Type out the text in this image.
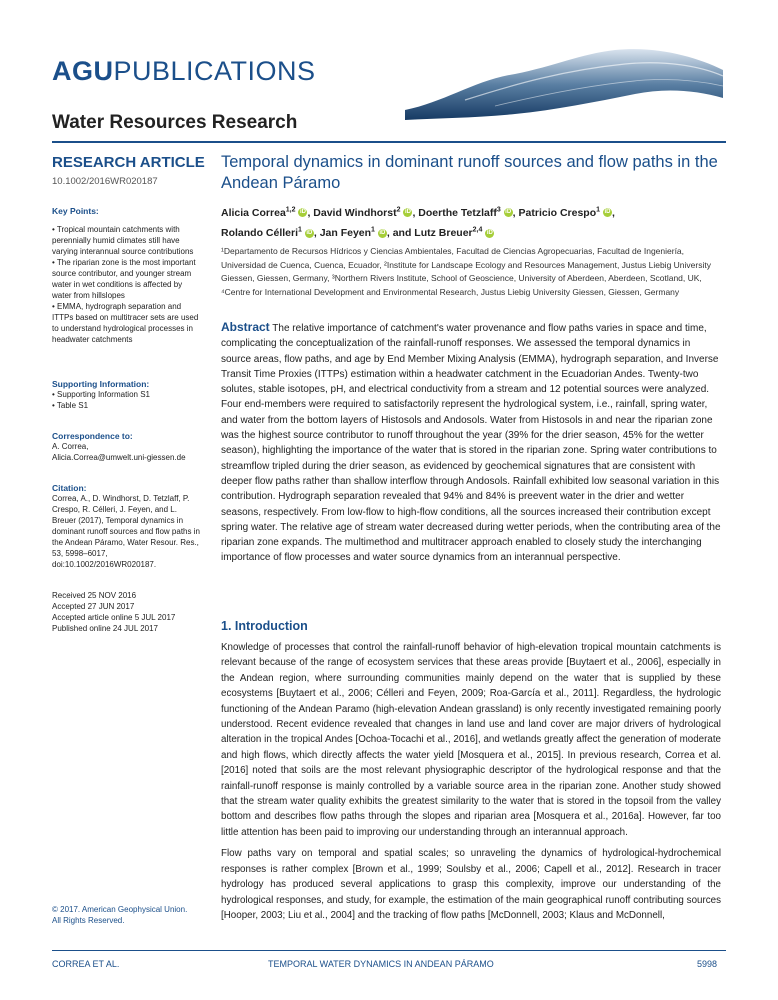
AGUPUBLICATIONS
Water Resources Research
RESEARCH ARTICLE
10.1002/2016WR020187
Key Points:
• Tropical mountain catchments with perennially humid climates still have varying interannual source contributions
• The riparian zone is the most important source contributor, and younger stream water in wet conditions is affected by water from hillslopes
• EMMA, hydrograph separation and ITTPs based on multitracer sets are used to understand hydrological processes in headwater catchments
Supporting Information:
• Supporting Information S1
• Table S1
Correspondence to:
A. Correa,
Alicia.Correa@umwelt.uni-giessen.de
Citation:
Correa, A., D. Windhorst, D. Tetzlaff, P. Crespo, R. Célleri, J. Feyen, and L. Breuer (2017), Temporal dynamics in dominant runoff sources and flow paths in the Andean Páramo, Water Resour. Res., 53, 5998–6017, doi:10.1002/2016WR020187.
Received 25 NOV 2016
Accepted 27 JUN 2017
Accepted article online 5 JUL 2017
Published online 24 JUL 2017
© 2017. American Geophysical Union.
All Rights Reserved.
Temporal dynamics in dominant runoff sources and flow paths in the Andean Páramo
Alicia Correa$^{1,2}$ iD , David Windhorst$^2$ iD , Doerthe Tetzlaff$^3$ iD , Patricio Crespo$^1$ iD ,
Rolando Célleri$^1$ iD , Jan Feyen$^1$ iD , and Lutz Breuer$^{2,4}$ iD
¹Departamento de Recursos Hídricos y Ciencias Ambientales, Facultad de Ciencias Agropecuarias, Facultad de Ingeniería, Universidad de Cuenca, Cuenca, Ecuador, ²Institute for Landscape Ecology and Resources Management, Justus Liebig University Giessen, Giessen, Germany, ³Northern Rivers Institute, School of Geoscience, University of Aberdeen, Aberdeen, Scotland, UK, ⁴Centre for International Development and Environmental Research, Justus Liebig University Giessen, Giessen, Germany
Abstract The relative importance of catchment's water provenance and flow paths varies in space and time, complicating the conceptualization of the rainfall-runoff responses. We assessed the temporal dynamics in source areas, flow paths, and age by End Member Mixing Analysis (EMMA), hydrograph separation, and Inverse Transit Time Proxies (ITTPs) estimation within a headwater catchment in the Ecuadorian Andes. Twenty-two solutes, stable isotopes, pH, and electrical conductivity from a stream and 12 potential sources were analyzed. Four end-members were required to satisfactorily represent the hydrological system, i.e., rainfall, spring water, and water from the bottom layers of Histosols and Andosols. Water from Histosols in and near the riparian zone was the highest source contributor to runoff throughout the year (39% for the drier season, 45% for the wetter season), highlighting the importance of the water that is stored in the riparian zone. Spring water contributions to streamflow tripled during the drier season, as evidenced by geochemical signatures that are consistent with deeper flow paths rather than shallow interflow through Andosols. Rainfall exhibited low seasonal variation in this contribution. Hydrograph separation revealed that 94% and 84% is preevent water in the drier and wetter seasons, respectively. From low-flow to high-flow conditions, all the sources increased their contribution except spring water. The relative age of stream water decreased during wetter periods, when the contributing area of the riparian zone expands. The multimethod and multitracer approach enabled to closely study the interchanging importance of flow processes and water source dynamics from an interannual perspective.
1. Introduction

Knowledge of processes that control the rainfall-runoff behavior of high-elevation tropical mountain catchments is relevant because of the range of ecosystem services that these areas provide [Buytaert et al., 2006], especially in the Andean region, where surrounding communities mainly depend on the water that is supplied by these ecosystems [Buytaert et al., 2006; Célleri and Feyen, 2009; Roa-García et al., 2011]. Regardless, the hydrologic functioning of the Andean Paramo (high-elevation Andean grassland) is only recently investigated remaining poorly understood. Recent evidence revealed that changes in land use and land cover are major drivers of hydrological alteration in the tropical Andes [Ochoa-Tocachi et al., 2016], and wetlands greatly affect the generation of moderate and high flows, which directly affects the water yield [Mosquera et al., 2015]. In previous research, Correa et al. [2016] noted that soils are the most relevant physiographic descriptor of the hydrological response and that the rainfall-runoff response is mainly controlled by a variable source area in the riparian zone. Another study showed that the stream water quality exhibits the greatest similarity to the water that is stored in the topsoil from the valley bottom and describes flow paths through the slopes and riparian area [Mosquera et al., 2016a]. However, far too little attention has been paid to improving our understanding through an interannual approach.

Flow paths vary on temporal and spatial scales; so unraveling the dynamics of hydrological-hydrochemical responses is rather complex [Brown et al., 1999; Soulsby et al., 2006; Capell et al., 2012]. Research in tracer hydrology has produced several applications to grasp this complexity, improve our understanding of the hydrological responses, and study, for example, the estimation of the main geographical runoff contributing sources [Hooper, 2003; Liu et al., 2004] and the tracking of flow paths [McDonnell, 2003; Klaus and McDonnell,

CORREA ET AL.	TEMPORAL WATER DYNAMICS IN ANDEAN PÁRAMO	5998
